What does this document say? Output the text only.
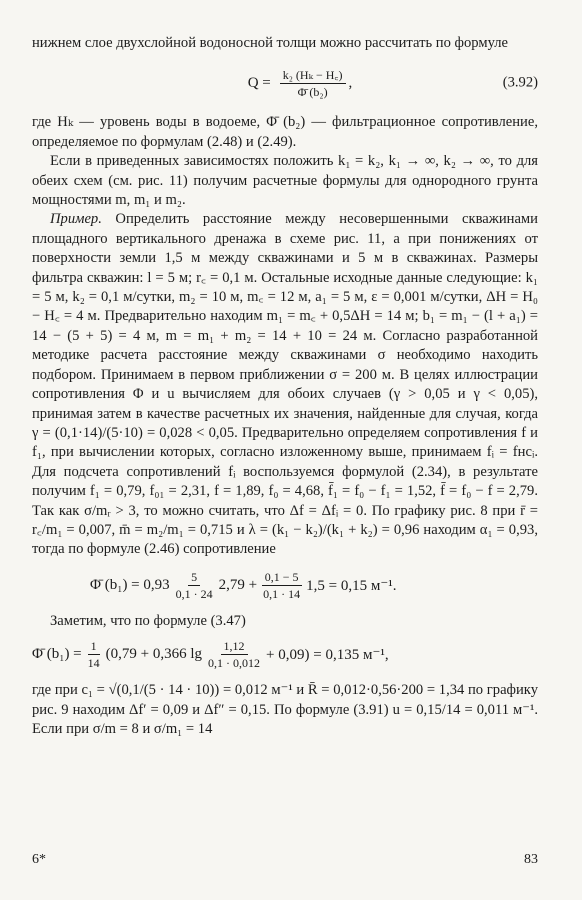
нижнем слое двухслойной водоносной толщи можно рассчитать по формуле

$Q = \frac{\text{k₂ (Hₖ − H꜀)}}{\text{Φ̄ (b₂)}}$ ,	(3.92)

где Hₖ — уровень воды в водоеме, Φ̄ (b₂) — фильтрационное сопротивление, определяемое по формулам (2.48) и (2.49).

Если в приведенных зависимостях положить k₁ = k₂, k₁ → ∞, k₂ → ∞, то для обеих схем (см. рис. 11) получим расчетные формулы для однородного грунта мощностями m, m₁ и m₂.

Пример. Определить расстояние между несовершенными скважинами площадного вертикального дренажа в схеме рис. 11, а при понижениях от поверхности земли 1,5 м между скважинами и 5 м в скважинах. Размеры фильтра скважин: l = 5 м; r꜀ = 0,1 м. Остальные исходные данные следующие: k₁ = 5 м, k₂ = 0,1 м/сутки, m₂ = 10 м, m꜀ = 12 м, a₁ = 5 м, ε = 0,001 м/сутки, ΔH = H₀ − H꜀ = 4 м. Предварительно находим m₁ = m꜀ + 0,5ΔH = 14 м; b₁ = m₁ − (l + a₁) = 14 − (5 + 5) = 4 м, m = m₁ + m₂ = 14 + 10 = 24 м. Согласно разработанной методике расчета расстояние между скважинами σ необходимо находить подбором. Принимаем в первом приближении σ = 200 м. В целях иллюстрации сопротивления Φ и u вычисляем для обоих случаев (γ > 0,05 и γ < 0,05), принимая затем в качестве расчетных их значения, найденные для случая, когда γ = (0,1·14)/(5·10) = 0,028 < 0,05. Предварительно определяем сопротивления f и f₁, при вычислении которых, согласно изложенному выше, принимаем fᵢ = fнсᵢ. Для подсчета сопротивлений fᵢ воспользуемся формулой (2.34), в результате получим f₁ = 0,79, f₀₁ = 2,31, f = 1,89, f₀ = 4,68, f̄₁ = f₀ − f₁ = 1,52, f̄ = f₀ − f = 2,79. Так как σ/mᵣ > 3, то можно считать, что Δf = Δfᵢ = 0. По графику рис. 8 при r̄ = r꜀/m₁ = 0,007, m̄ = m₂/m₁ = 0,715 и λ = (k₁ − k₂)/(k₁ + k₂) = 0,96 находим α₁ = 0,93, тогда по формуле (2.46) сопротивление

Φ̄ $(b_1) = 0,93 \frac{5}{0,1 \cdot 24} 2,79 + \frac{0,1 - 5}{0,1 \cdot 14} 1,5 = 0,15$ м⁻¹.

Заметим, что по формуле (3.47)

Φ̄ $(b_1) = \frac{1}{14} (0,79 + 0,366$ $\lg \frac{1,12}{0,1 \cdot 0,012} + 0,09) = 0,135$ м⁻¹,

где при c₁ = √(0,1/(5 · 14 · 10)) = 0,012 м⁻¹ и R̄ = 0,012·0,56·200 = 1,34 по графику рис. 9 находим Δf′ = 0,09 и Δf″ = 0,15. По формуле (3.91) u = 0,15/14 = 0,011 м⁻¹. Если при σ/m = 8 и σ/m₁ = 14

6*	83
